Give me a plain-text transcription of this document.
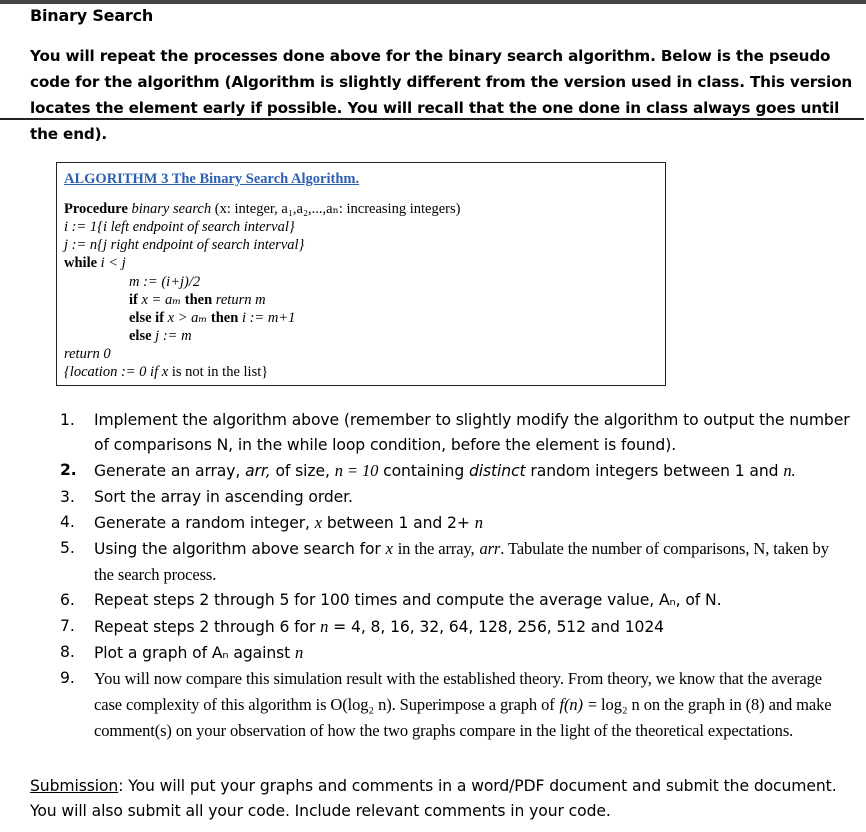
Binary Search
You will repeat the processes done above for the binary search algorithm. Below is the pseudo code for the algorithm (Algorithm is slightly different from the version used in class. This version locates the element early if possible. You will recall that the one done in class always goes until the end).
ALGORITHM 3 The Binary Search Algorithm.
Procedure binary search (x: integer, a₁,a₂,...,aₙ: increasing integers)
i := 1{i left endpoint of search interval}
j := n{j right endpoint of search interval}
while i < j
m := (i+j)/2
if x = aₘ then return m
else if x > aₘ then i := m+1
else j := m
return 0
{location := 0 if x is not in the list}
1. Implement the algorithm above (remember to slightly modify the algorithm to output the number of comparisons N, in the while loop condition, before the element is found).
2. Generate an array, arr, of size, n = 10 containing distinct random integers between 1 and n.
3. Sort the array in ascending order.
4. Generate a random integer, x between 1 and 2+ n
5. Using the algorithm above search for x in the array, arr. Tabulate the number of comparisons, N, taken by the search process.
6. Repeat steps 2 through 5 for 100 times and compute the average value, Aₙ, of N.
7. Repeat steps 2 through 6 for n = 4, 8, 16, 32, 64, 128, 256, 512 and 1024
8. Plot a graph of Aₙ against n
9. You will now compare this simulation result with the established theory. From theory, we know that the average case complexity of this algorithm is O(log₂ n). Superimpose a graph of f(n) = log₂ n on the graph in (8) and make comment(s) on your observation of how the two graphs compare in the light of the theoretical expectations.
Submission: You will put your graphs and comments in a word/PDF document and submit the document. You will also submit all your code. Include relevant comments in your code.
